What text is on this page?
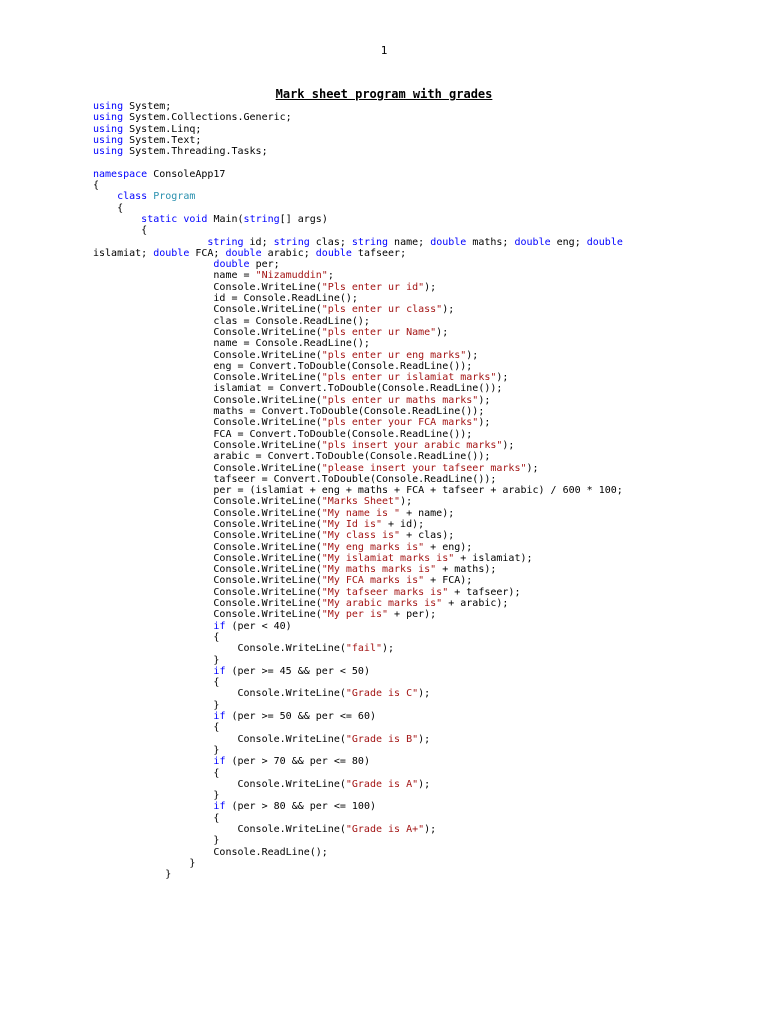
1
Mark sheet program with grades
using System;
using System.Collections.Generic;
using System.Linq;
using System.Text;
using System.Threading.Tasks;

namespace ConsoleApp17
{
class Program
{
static void Main(string[] args)
{
string id; string clas; string name; double maths; double eng; double
islamiat; double FCA; double arabic; double tafseer;
double per;
name = "Nizamuddin";
Console.WriteLine("Pls enter ur id");
id = Console.ReadLine();
Console.WriteLine("pls enter ur class");
clas = Console.ReadLine();
Console.WriteLine("pls enter ur Name");
name = Console.ReadLine();
Console.WriteLine("pls enter ur eng marks");
eng = Convert.ToDouble(Console.ReadLine());
Console.WriteLine("pls enter ur islamiat marks");
islamiat = Convert.ToDouble(Console.ReadLine());
Console.WriteLine("pls enter ur maths marks");
maths = Convert.ToDouble(Console.ReadLine());
Console.WriteLine("pls enter your FCA marks");
FCA = Convert.ToDouble(Console.ReadLine());
Console.WriteLine("pls insert your arabic marks");
arabic = Convert.ToDouble(Console.ReadLine());
Console.WriteLine("please insert your tafseer marks");
tafseer = Convert.ToDouble(Console.ReadLine());
per = (islamiat + eng + maths + FCA + tafseer + arabic) / 600 * 100;
Console.WriteLine("Marks Sheet");
Console.WriteLine("My name is " + name);
Console.WriteLine("My Id is" + id);
Console.WriteLine("My class is" + clas);
Console.WriteLine("My eng marks is" + eng);
Console.WriteLine("My islamiat marks is" + islamiat);
Console.WriteLine("My maths marks is" + maths);
Console.WriteLine("My FCA marks is" + FCA);
Console.WriteLine("My tafseer marks is" + tafseer);
Console.WriteLine("My arabic marks is" + arabic);
Console.WriteLine("My per is" + per);
if (per < 40)
{
Console.WriteLine("fail");
}
if (per >= 45 && per < 50)
{
Console.WriteLine("Grade is C");
}
if (per >= 50 && per <= 60)
{
Console.WriteLine("Grade is B");
}
if (per > 70 && per <= 80)
{
Console.WriteLine("Grade is A");
}
if (per > 80 && per <= 100)
{
Console.WriteLine("Grade is A+");
}
Console.ReadLine();
}
}
